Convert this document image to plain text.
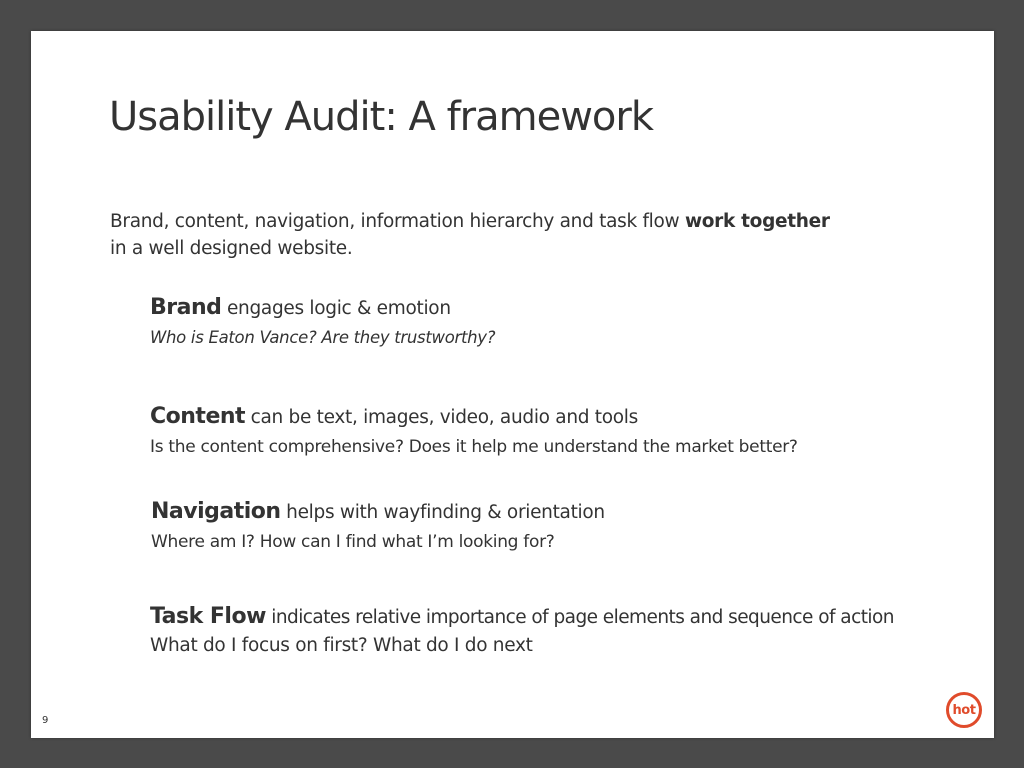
Usability Audit: A framework
Brand, content, navigation, information hierarchy and task flow work together
in a well designed website.
Brand engages logic & emotion
Who is Eaton Vance? Are they trustworthy?
Content can be text, images, video, audio and tools
Is the content comprehensive? Does it help me understand the market better?
Navigation helps with wayfinding & orientation
Where am I? How can I find what I’m looking for?
Task Flow indicates relative importance of page elements and sequence of action
What do I focus on first? What do I do next
9
hot
